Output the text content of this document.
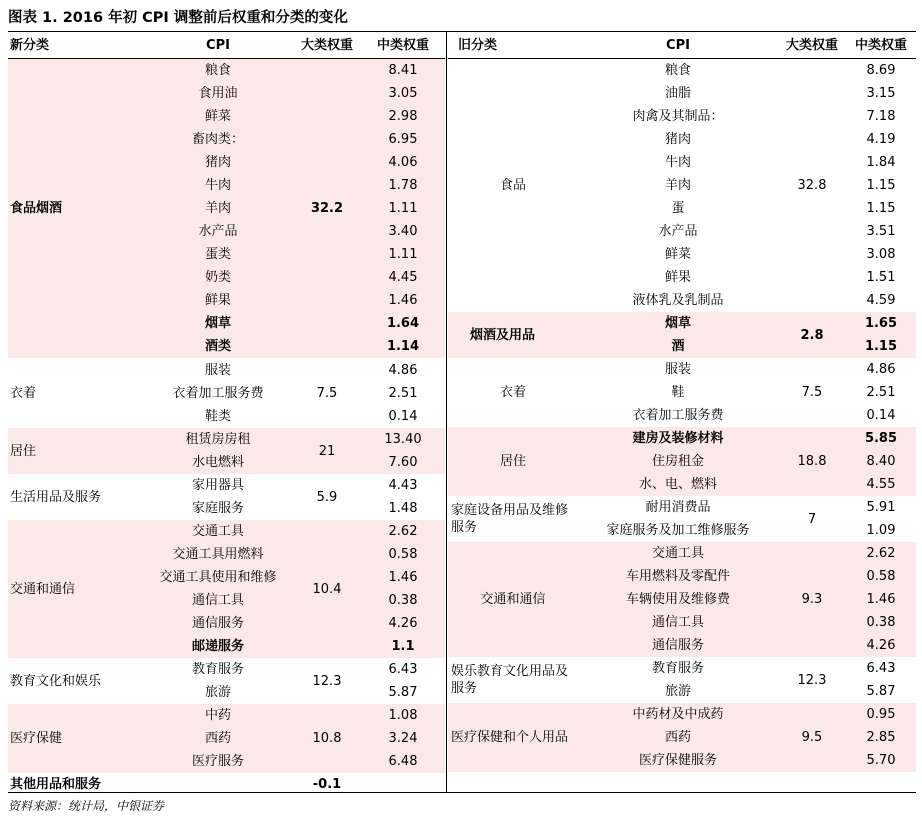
图表 1. 2016 年初 CPI 调整前后权重和分类的变化
新分类	CPI	大类权重	中类权重
食品烟酒	粮食	32.2	8.41
	食用油		3.05
	鲜菜		2.98
	畜肉类：		6.95
	猪肉		4.06
	牛肉		1.78
	羊肉		1.11
	水产品		3.40
	蛋类		1.11
	奶类		4.45
	鲜果		1.46
	烟草		1.64
	酒类		1.14
衣着	服装	7.5	4.86
	衣着加工服务费		2.51
	鞋类		0.14
居住	租赁房房租	21	13.40
	水电燃料		7.60
生活用品及服务	家用器具	5.9	4.43
	家庭服务		1.48
交通和通信	交通工具	10.4	2.62
	交通工具用燃料		0.58
	交通工具使用和维修		1.46
	通信工具		0.38
	通信服务		4.26
	邮递服务		1.1
教育文化和娱乐	教育服务	12.3	6.43
	旅游		5.87
医疗保健	中药	10.8	1.08
	西药		3.24
	医疗服务		6.48
其他用品和服务		-0.1	
旧分类	CPI	大类权重	中类权重
食品	粮食	32.8	8.69
	油脂		3.15
	肉禽及其制品：		7.18
	猪肉		4.19
	牛肉		1.84
	羊肉		1.15
	蛋		1.15
	水产品		3.51
	鲜菜		3.08
	鲜果		1.51
	液体乳及乳制品		4.59
烟酒及用品	烟草	2.8	1.65
	酒		1.15
衣着	服装	7.5	4.86
	鞋		2.51
	衣着加工服务费		0.14
居住	建房及装修材料	18.8	5.85
	住房租金		8.40
	水、电、燃料		4.55
家庭设备用品及维修服务	耐用消费品	7	5.91
	家庭服务及加工维修服务		1.09
交通和通信	交通工具	9.3	2.62
	车用燃料及零配件		0.58
	车辆使用及维修费		1.46
	通信工具		0.38
	通信服务		4.26
娱乐教育文化用品及服务	教育服务	12.3	6.43
	旅游		5.87
医疗保健和个人用品	中药材及中成药	9.5	0.95
	西药		2.85
	医疗保健服务		5.70
资料来源：统计局，中银证券
